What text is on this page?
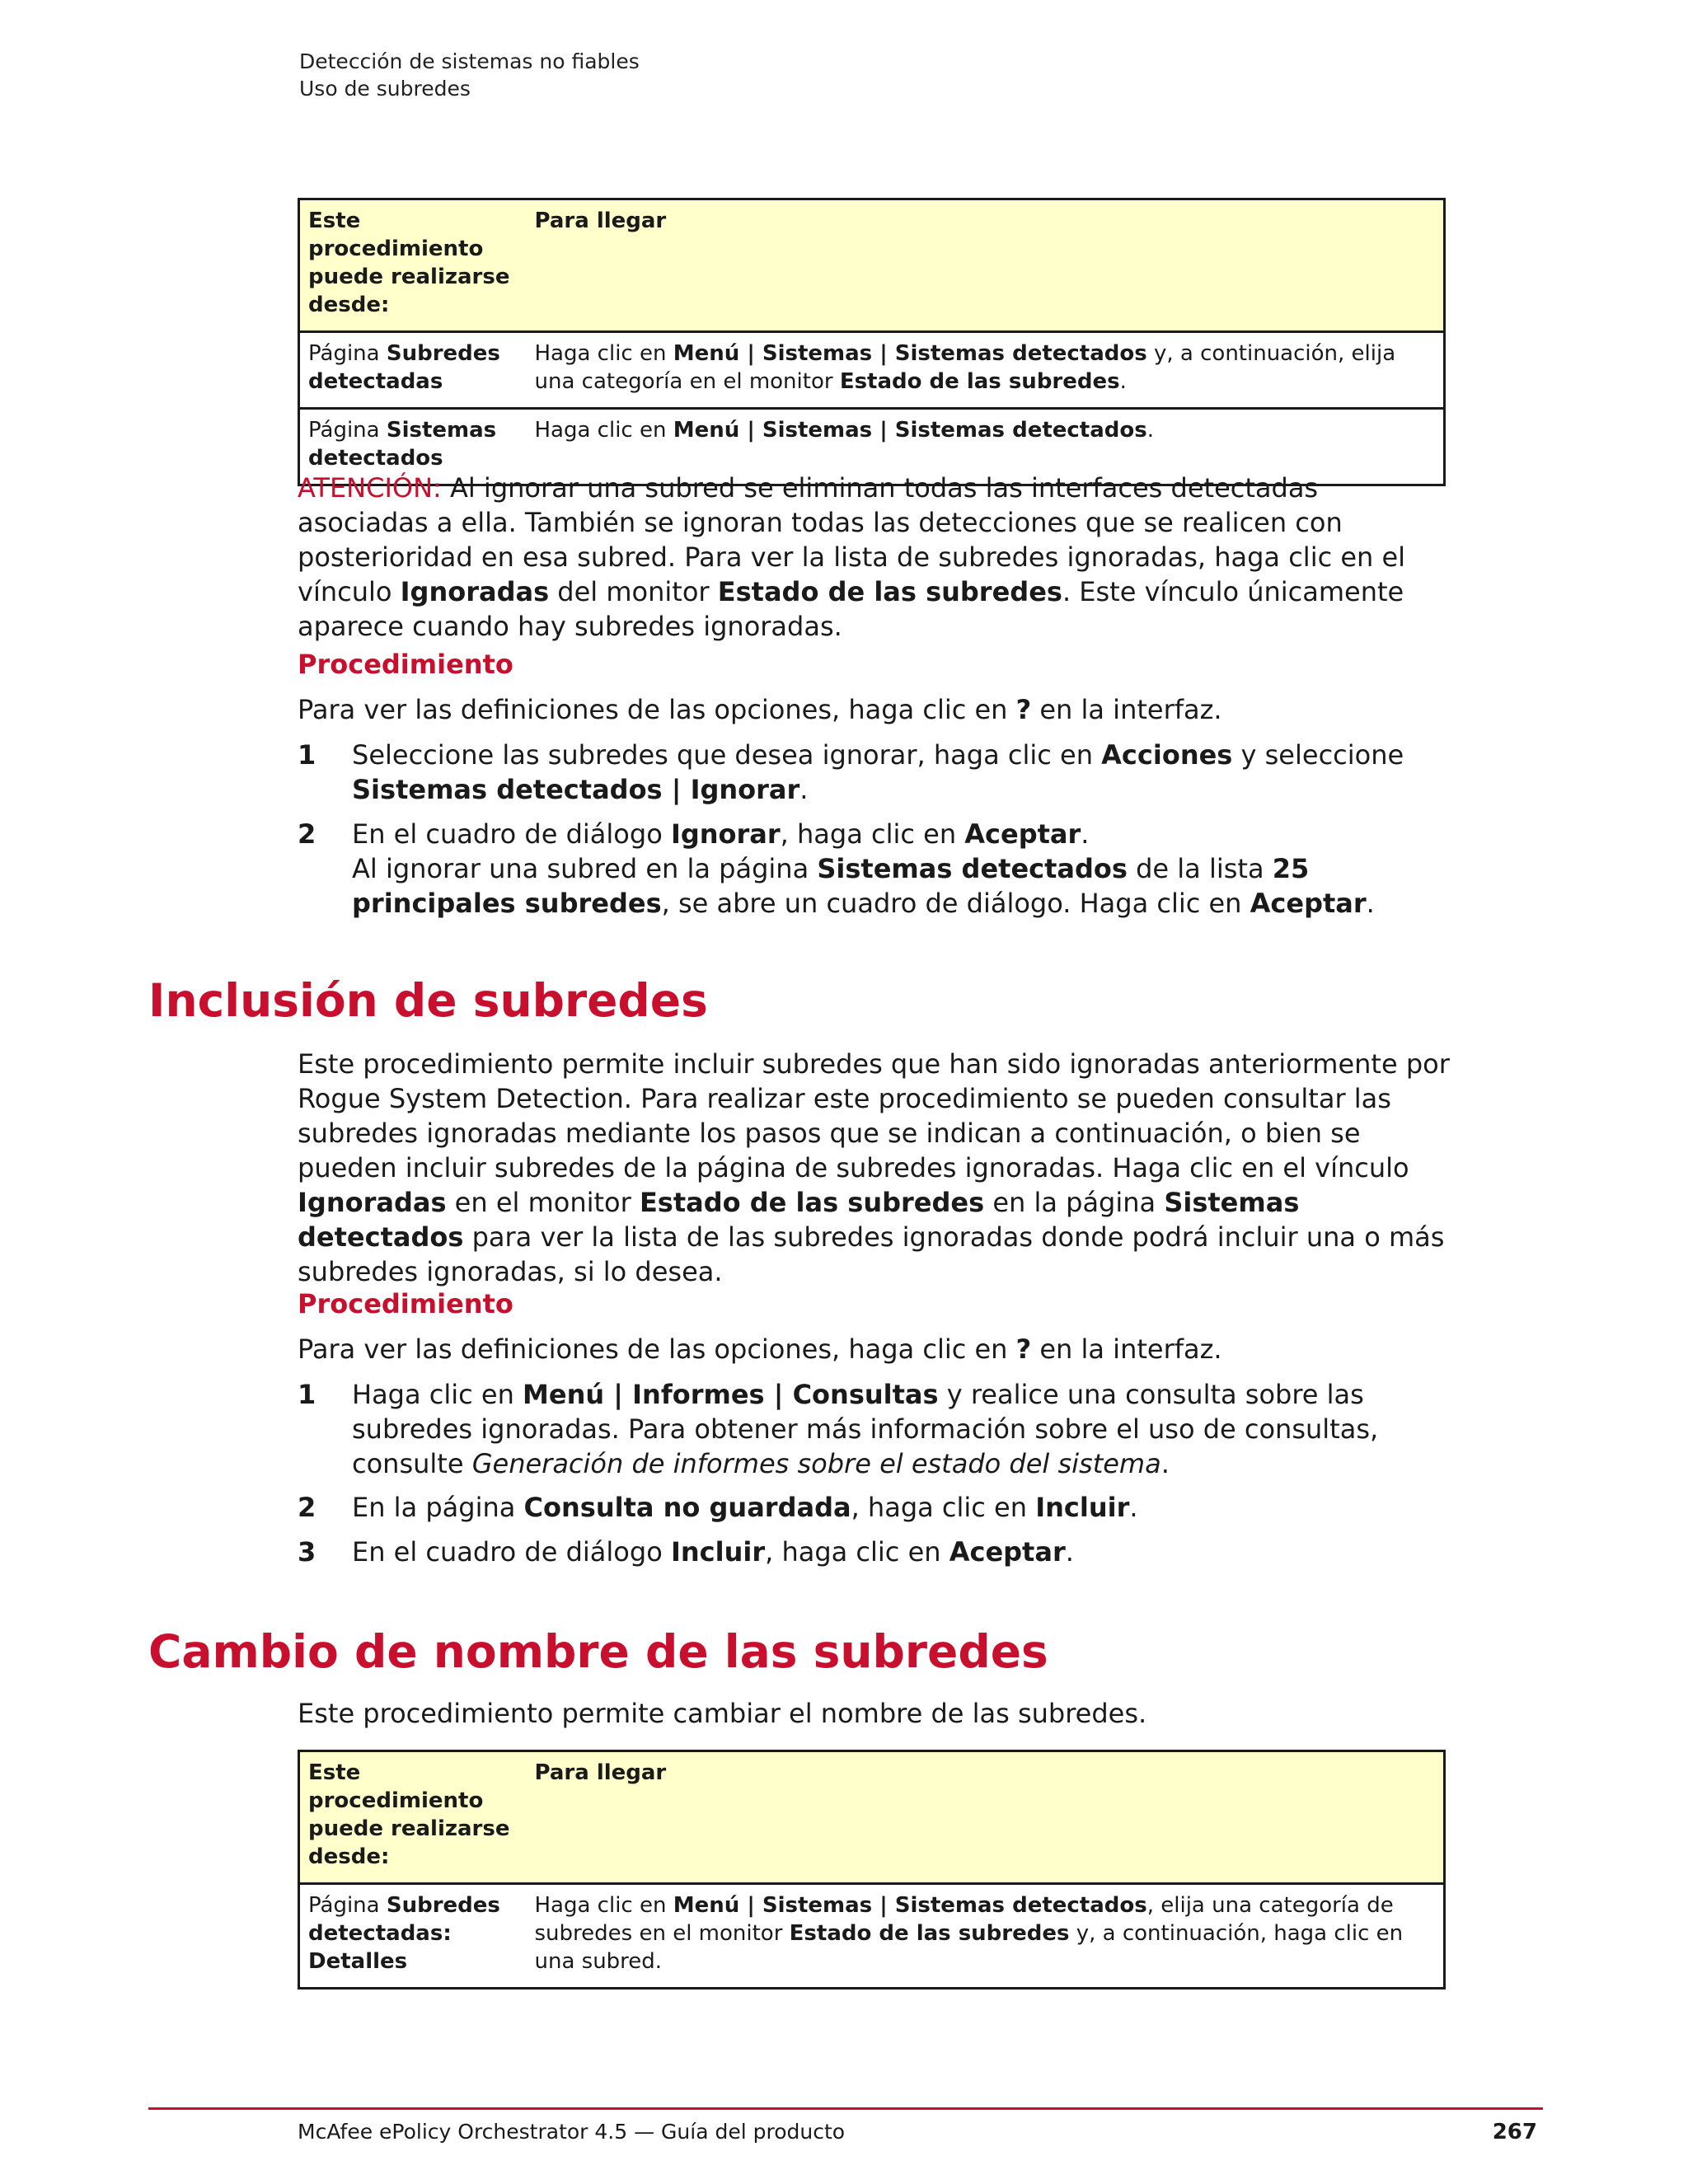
Detección de sistemas no fiables
Uso de subredes
Este procedimiento puede realizarse desde:	Para llegar
Página Subredes detectadas	Haga clic en Menú | Sistemas | Sistemas detectados y, a continuación, elija una categoría en el monitor Estado de las subredes.
Página Sistemas detectados	Haga clic en Menú | Sistemas | Sistemas detectados.

ATENCIÓN: Al ignorar una subred se eliminan todas las interfaces detectadas asociadas a ella. También se ignoran todas las detecciones que se realicen con posterioridad en esa subred. Para ver la lista de subredes ignoradas, haga clic en el vínculo Ignoradas del monitor Estado de las subredes. Este vínculo únicamente aparece cuando hay subredes ignoradas.

Procedimiento

Para ver las definiciones de las opciones, haga clic en ? en la interfaz.

1 Seleccione las subredes que desea ignorar, haga clic en Acciones y seleccione Sistemas detectados | Ignorar.
2 En el cuadro de diálogo Ignorar, haga clic en Aceptar.
Al ignorar una subred en la página Sistemas detectados de la lista 25 principales subredes, se abre un cuadro de diálogo. Haga clic en Aceptar.
Inclusión de subredes

Este procedimiento permite incluir subredes que han sido ignoradas anteriormente por Rogue System Detection. Para realizar este procedimiento se pueden consultar las subredes ignoradas mediante los pasos que se indican a continuación, o bien se pueden incluir subredes de la página de subredes ignoradas. Haga clic en el vínculo Ignoradas en el monitor Estado de las subredes en la página Sistemas detectados para ver la lista de las subredes ignoradas donde podrá incluir una o más subredes ignoradas, si lo desea.

Procedimiento

Para ver las definiciones de las opciones, haga clic en ? en la interfaz.

1 Haga clic en Menú | Informes | Consultas y realice una consulta sobre las subredes ignoradas. Para obtener más información sobre el uso de consultas, consulte Generación de informes sobre el estado del sistema.
2 En la página Consulta no guardada, haga clic en Incluir.
3 En el cuadro de diálogo Incluir, haga clic en Aceptar.
Cambio de nombre de las subredes

Este procedimiento permite cambiar el nombre de las subredes.

Este procedimiento puede realizarse desde:	Para llegar
Página Subredes detectadas: Detalles	Haga clic en Menú | Sistemas | Sistemas detectados, elija una categoría de subredes en el monitor Estado de las subredes y, a continuación, haga clic en una subred.
McAfee ePolicy Orchestrator 4.5 — Guía del producto	267
